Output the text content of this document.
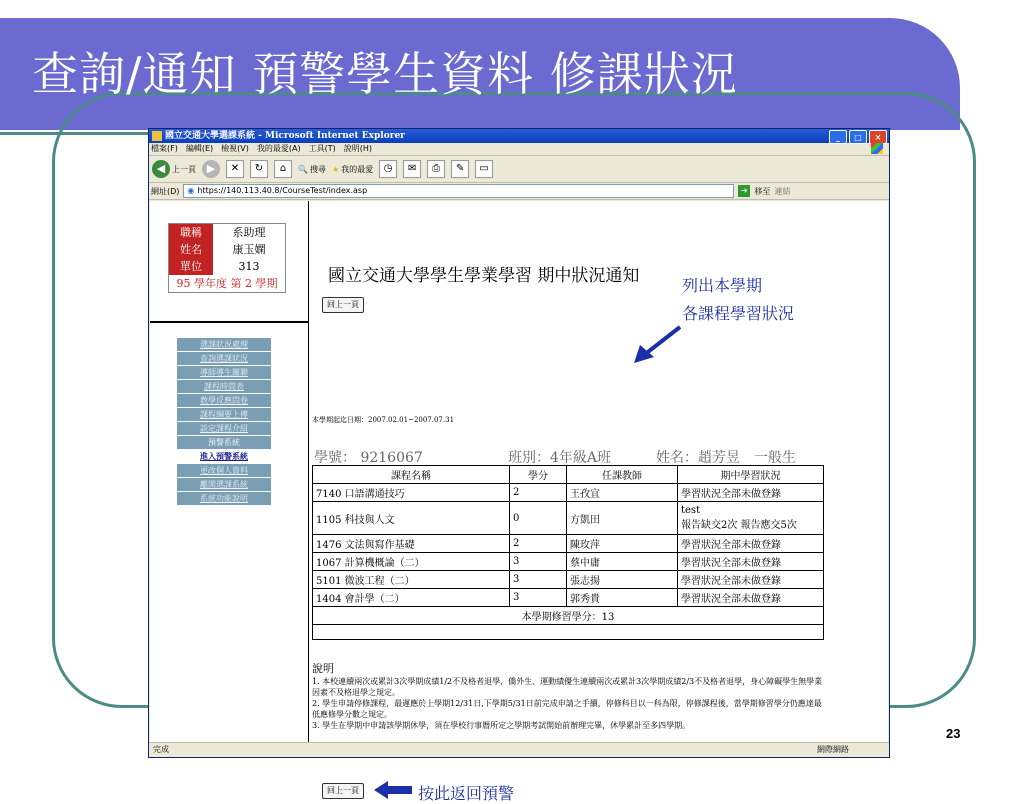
查詢/通知 預警學生資料 修課狀況
國立交通大學選課系統 - Microsoft Internet Explorer	_	□	×
檔案(F) 編輯(E) 檢視(V) 我的最愛(A) 工具(T) 說明(H)
◀ 上一頁 ▶	✕	↻	⌂	🔍 搜尋 ★ 我的最愛	◷	✉	⎙	✎	▭
網址(D) ◉ https://140.113.40.8/CourseTest/index.asp	➜ 移至 連結
職稱	系助理
姓名	康玉嫻
單位	313
95 學年度 第 2 學期
選課狀況處理
查詢選課狀況
導師導生關聯
課程時間表
教學反應問卷
課程綱要上傳
設定課程介紹
預警系統
進入預警系統
更改個人資料
離開選課系統
系統功能說明
國立交通大學學生學業學習 期中狀況通知
回上一頁
列出本學期
各課程學習狀況
本學期起迄日期：2007.02.01~2007.07.31
學號： 9216067	班別：4年級A班	姓名：趙芳昱　一般生
課程名稱	學分	任課教師	期中學習狀況
7140 口語溝通技巧	2	王孜宜	學習狀況全部未做登錄
1105 科技與人文	0	方凱田	test
報告缺交2次 報告應交5次
1476 文法與寫作基礎	2	陳玫萍	學習狀況全部未做登錄
1067 計算機概論（二）	3	蔡中庸	學習狀況全部未做登錄
5101 微波工程（二）	3	張志揚	學習狀況全部未做登錄
1404 會計學（二）	3	郭秀貴	學習狀況全部未做登錄
本學期修習學分：13			

說明
1. 本校連續兩次或累計3次學期成績1/2不及格者退學，僑外生、運動績優生連續兩次或累計3次學期成績2/3不及格者退學，身心障礙學生無學業因素不及格退學之規定。
2. 學生申請停修課程，最遲應於上學期12/31日,下學期5/31日前完成申請之手續，停修科目以一科為限，停修課程後，當學期修習學分仍應達最低應修學分數之規定。
3. 學生在學期中申請該學期休學，須在學校行事曆所定之學期考試開始前辦理完畢，休學累計至多四學期。
回上一頁	按此返回預警
完成	網際網路
23
